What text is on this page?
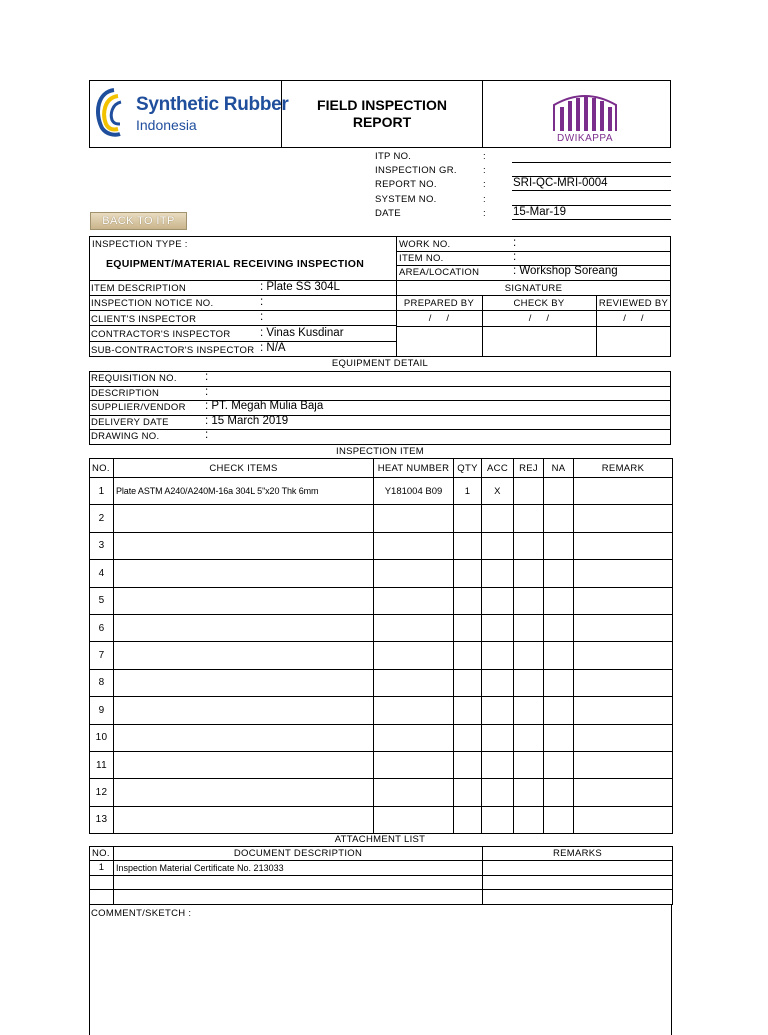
Synthetic Rubber
Indonesia
FIELD INSPECTION
REPORT
DWIKAPPA
ITP NO.	:
INSPECTION GR.	:
REPORT NO.	: SRI-QC-MRI-0004
SYSTEM NO.	:
DATE	: 15-Mar-19
BACK TO ITP
INSPECTION TYPE :
EQUIPMENT/MATERIAL RECEIVING INSPECTION
WORK NO.	:
ITEM NO.	:
AREA/LOCATION	: Workshop Soreang
ITEM DESCRIPTION	: Plate SS 304L	SIGNATURE
INSPECTION NOTICE NO.	:	PREPARED BY	CHECK BY	REVIEWED BY
CLIENT'S INSPECTOR	:	/     /	/     /	/     /
CONTRACTOR'S INSPECTOR	: Vinas Kusdinar
SUB-CONTRACTOR'S INSPECTOR : N/A
EQUIPMENT DETAIL
REQUISITION NO. :
DESCRIPTION	:
SUPPLIER/VENDOR : PT. Megah Mulia Baja
DELIVERY DATE	: 15 March 2019
DRAWING NO.	:
INSPECTION ITEM
NO.	CHECK ITEMS	HEAT NUMBER	QTY	ACC	REJ	NA	REMARK
1	Plate ASTM A240/A240M-16a 304L 5"x20 Thk 6mm	Y181004 B09	1	X			
2							
3							
4							
5							
6							
7							
8							
9							
10							
11							
12							
13							
ATTACHMENT LIST
NO.	DOCUMENT DESCRIPTION	REMARKS
1	Inspection Material Certificate No. 213033	

COMMENT/SKETCH :
